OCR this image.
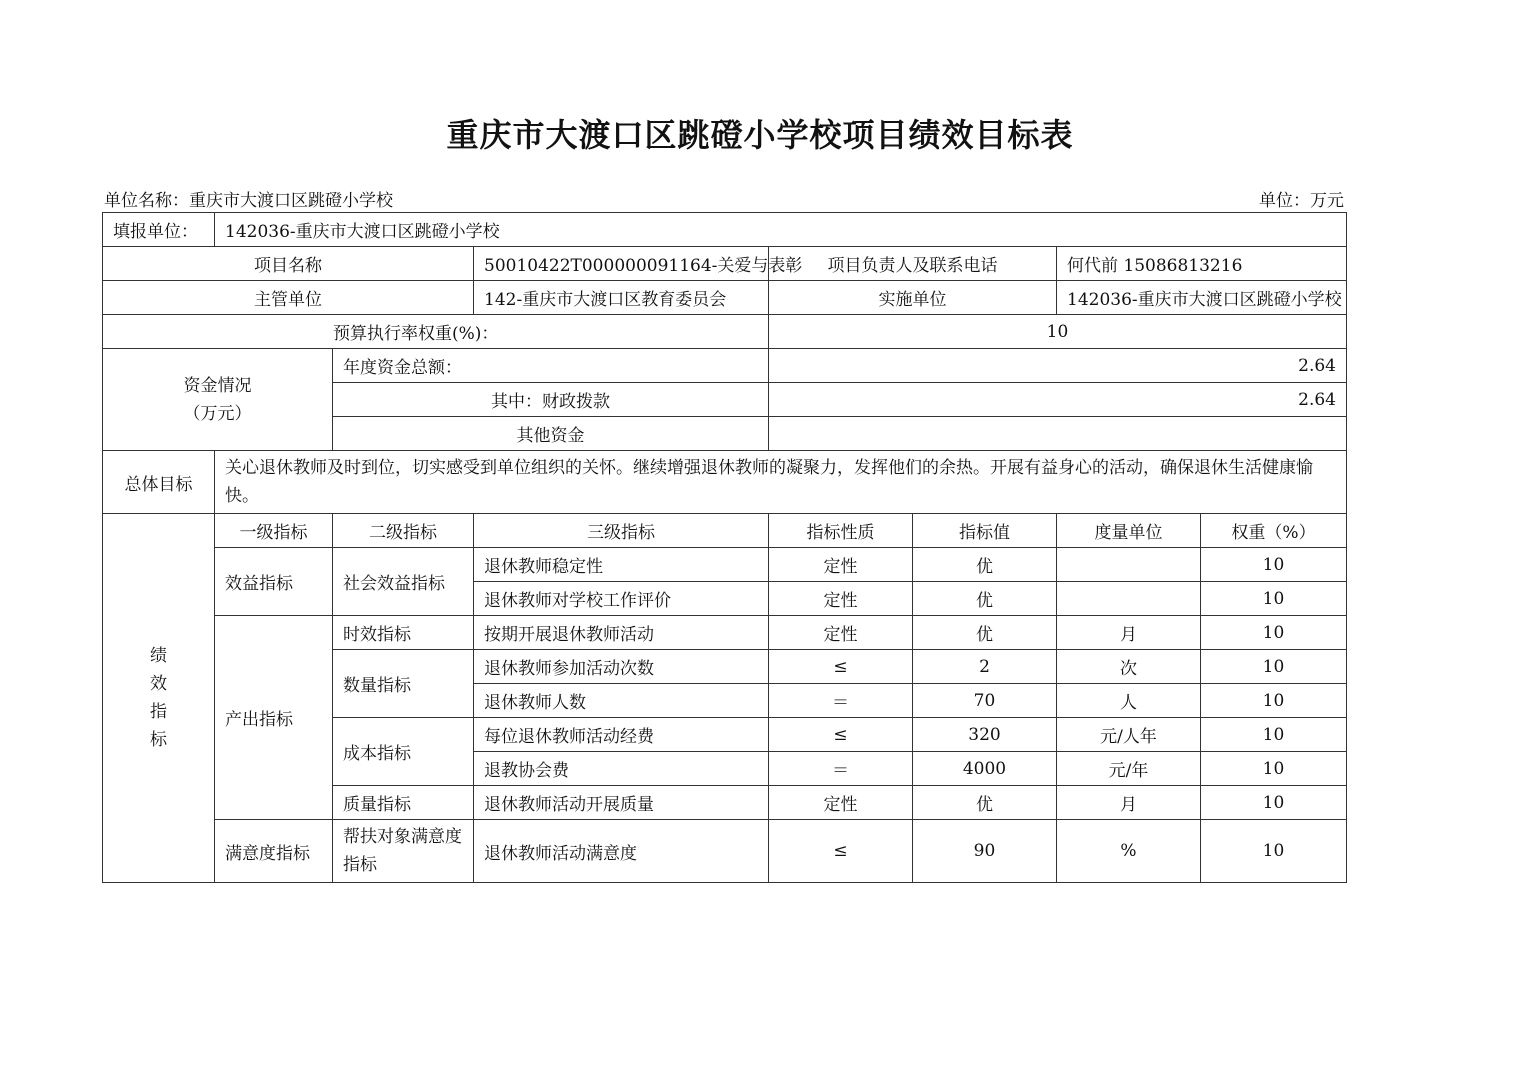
重庆市大渡口区跳磴小学校项目绩效目标表
单位名称：重庆市大渡口区跳磴小学校	单位：万元
填报单位：	142036-重庆市大渡口区跳磴小学校						
项目名称			50010422T000000091164-关爱与表彰	项目负责人及联系电话		何代前 15086813216	
主管单位			142-重庆市大渡口区教育委员会	实施单位		142036-重庆市大渡口区跳磴小学校	
预算执行率权重(%)：				10			

资金情况
（万元）		年度资金总额：		2.64			
		其中：财政拨款		2.64			
		其他资金					
总体目标	关心退休教师及时到位，切实感受到单位组织的关怀。继续增强退休教师的凝聚力，发挥他们的余热。开展有益身心的活动，确保退休生活健康愉快。						

绩
效
指
标	一级指标	二级指标	三级指标	指标性质	指标值	度量单位	权重（%）
	效益指标	社会效益指标	退休教师稳定性	定性	优		10
			退休教师对学校工作评价	定性	优		10
	产出指标	时效指标	按期开展退休教师活动	定性	优	月	10
		数量指标	退休教师参加活动次数	≤	2	次	10
			退休教师人数	＝	70	人	10
		成本指标	每位退休教师活动经费	≤	320	元/人年	10
			退教协会费	＝	4000	元/年	10
		质量指标	退休教师活动开展质量	定性	优	月	10
	满意度指标	帮扶对象满意度指标	退休教师活动满意度	≤	90	%	10
